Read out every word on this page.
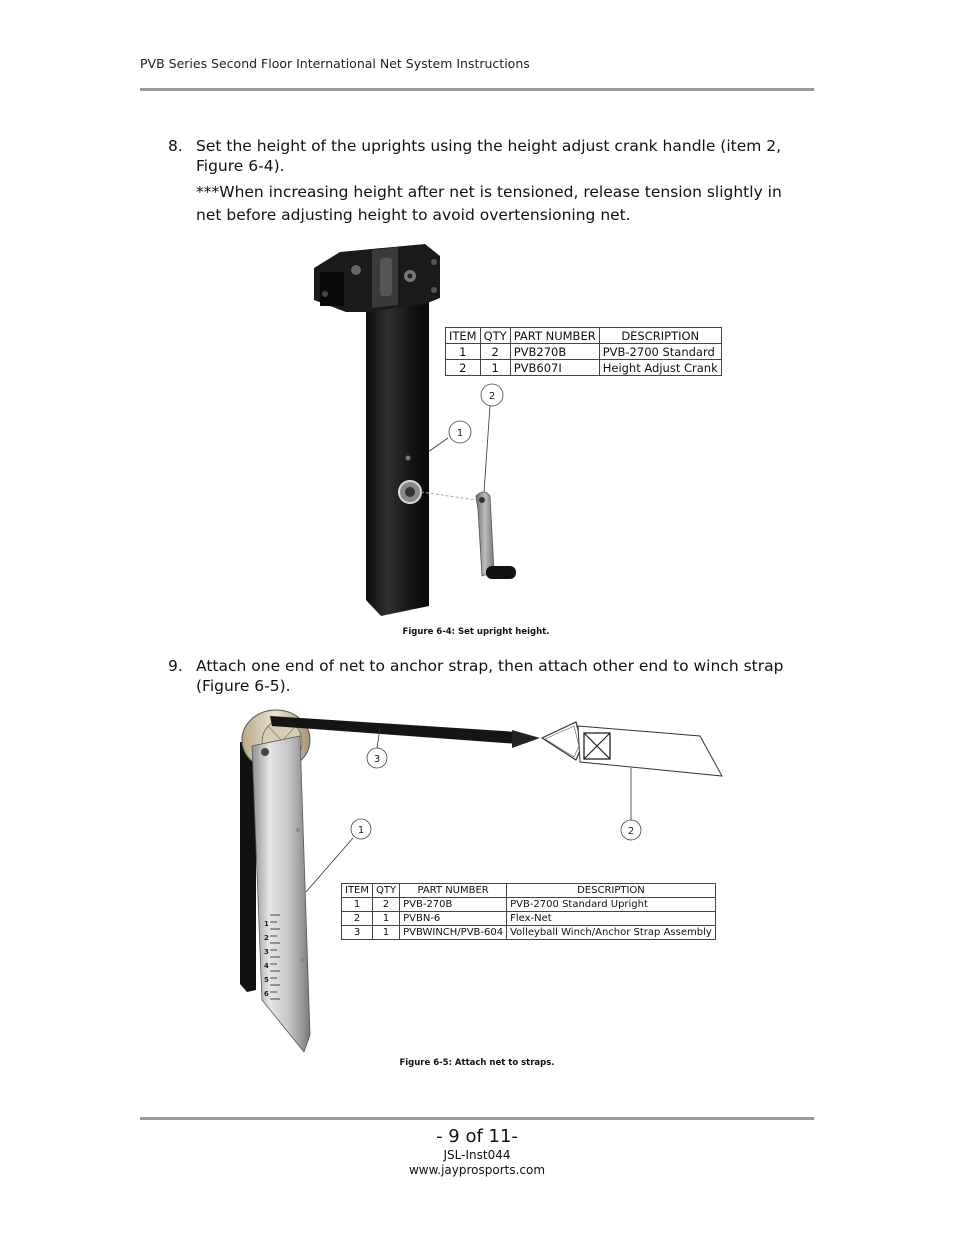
PVB Series Second Floor International Net System Instructions
8. Set the height of the uprights using the height adjust crank handle (item 2, Figure 6-4).
***When increasing height after net is tensioned, release tension slightly in net before adjusting height to avoid overtensioning net.
1
2
ITEM	QTY	PART NUMBER	DESCRIPTION
1	2	PVB270B	PVB-2700 Standard
2	1	PVB607I	Height Adjust Crank
Figure 6-4: Set upright height.
9. Attach one end of net to anchor strap, then attach other end to winch strap (Figure 6-5).
1
2
3
4
5
6
3
1	2
ITEM	QTY	PART NUMBER	DESCRIPTION
1	2	PVB-270B	PVB-2700 Standard Upright
2	1	PVBN-6	Flex-Net
3	1	PVBWINCH/PVB-604	Volleyball Winch/Anchor Strap Assembly
Figure 6-5: Attach net to straps.
- 9 of 11-
JSL-Inst044
www.jayprosports.com
